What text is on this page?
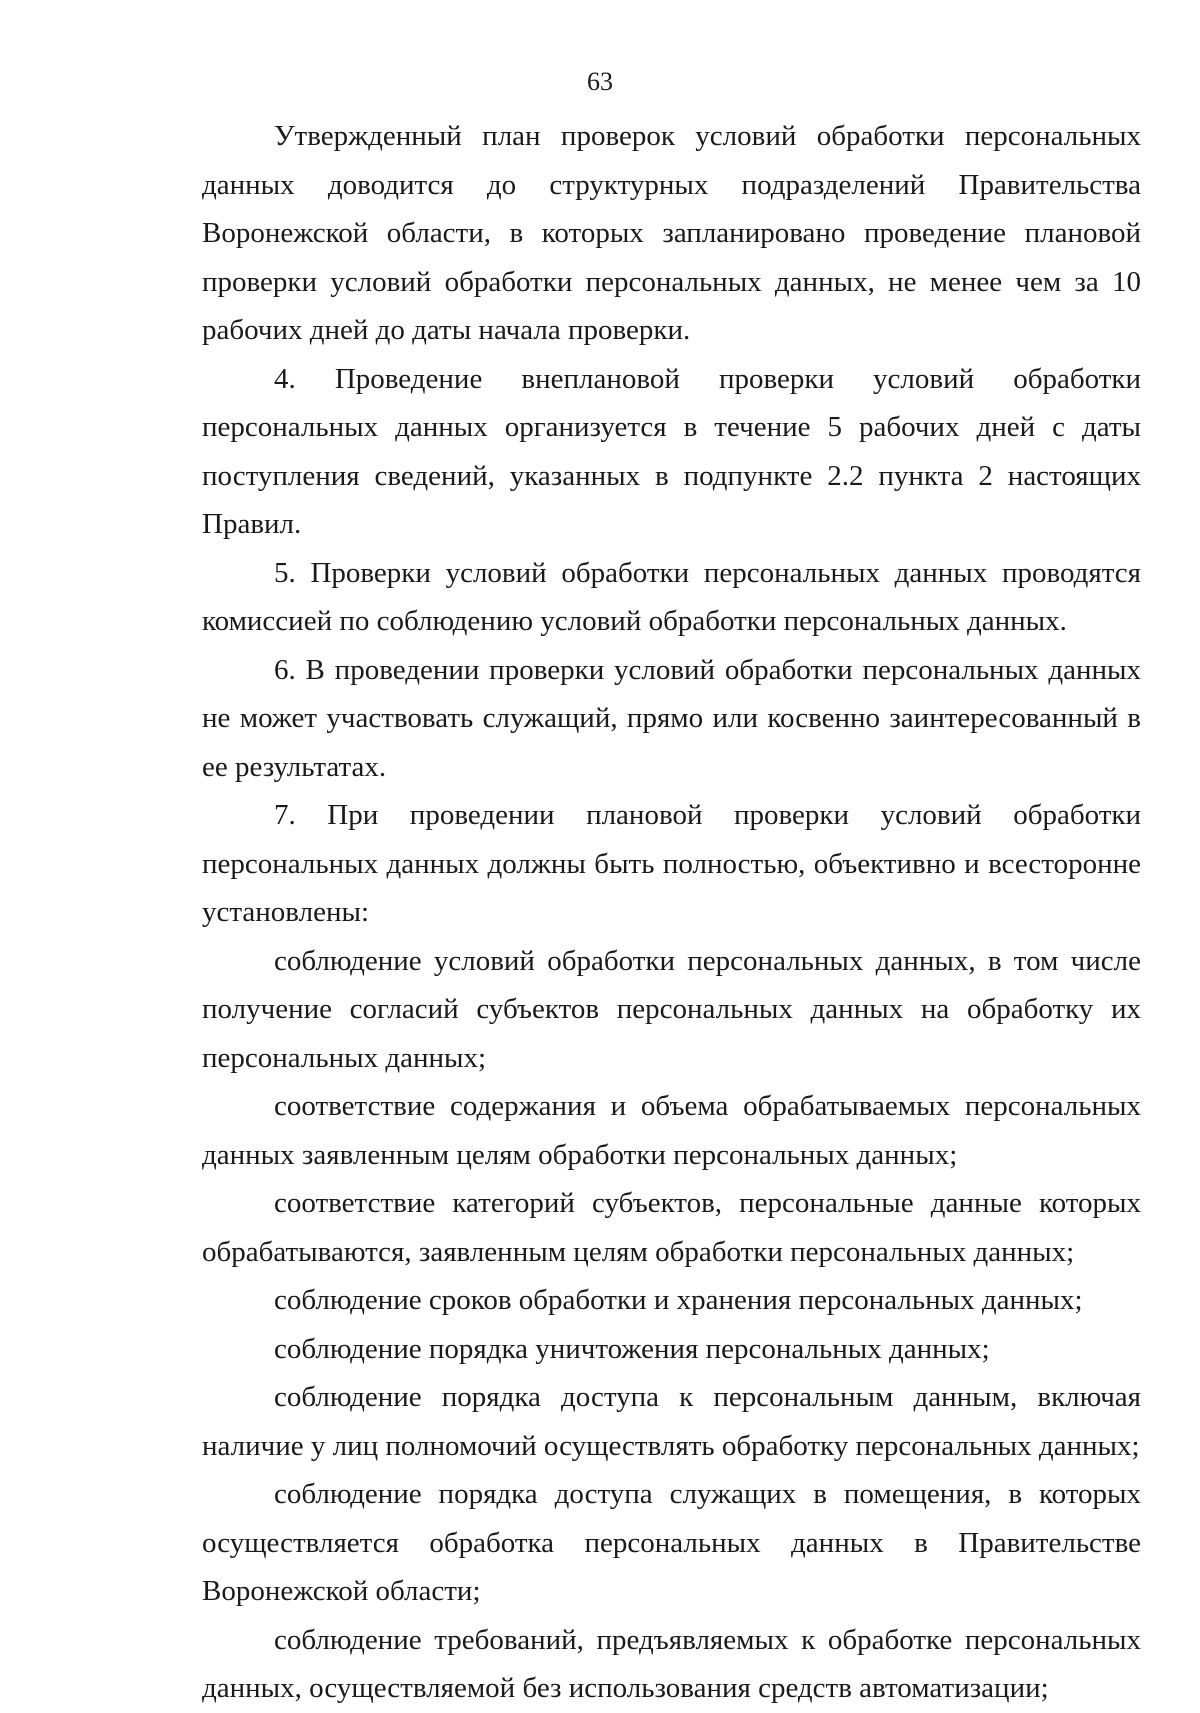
63

Утвержденный план проверок условий обработки персональных данных доводится до структурных подразделений Правительства Воронежской области, в которых запланировано проведение плановой проверки условий обработки персональных данных, не менее чем за 10 рабочих дней до даты начала проверки.

4. Проведение внеплановой проверки условий обработки персональных данных организуется в течение 5 рабочих дней с даты поступления сведений, указанных в подпункте 2.2 пункта 2 настоящих Правил.

5. Проверки условий обработки персональных данных проводятся комиссией по соблюдению условий обработки персональных данных.

6. В проведении проверки условий обработки персональных данных не может участвовать служащий, прямо или косвенно заинтересованный в ее результатах.

7. При проведении плановой проверки условий обработки персональных данных должны быть полностью, объективно и всесторонне установлены:

соблюдение условий обработки персональных данных, в том числе получение согласий субъектов персональных данных на обработку их персональных данных;

соответствие содержания и объема обрабатываемых персональных данных заявленным целям обработки персональных данных;

соответствие категорий субъектов, персональные данные которых обрабатываются, заявленным целям обработки персональных данных;

соблюдение сроков обработки и хранения персональных данных;

соблюдение порядка уничтожения персональных данных;

соблюдение порядка доступа к персональным данным, включая наличие у лиц полномочий осуществлять обработку персональных данных;

соблюдение порядка доступа служащих в помещения, в которых осуществляется обработка персональных данных в Правительстве Воронежской области;

соблюдение требований, предъявляемых к обработке персональных данных, осуществляемой без использования средств автоматизации;
